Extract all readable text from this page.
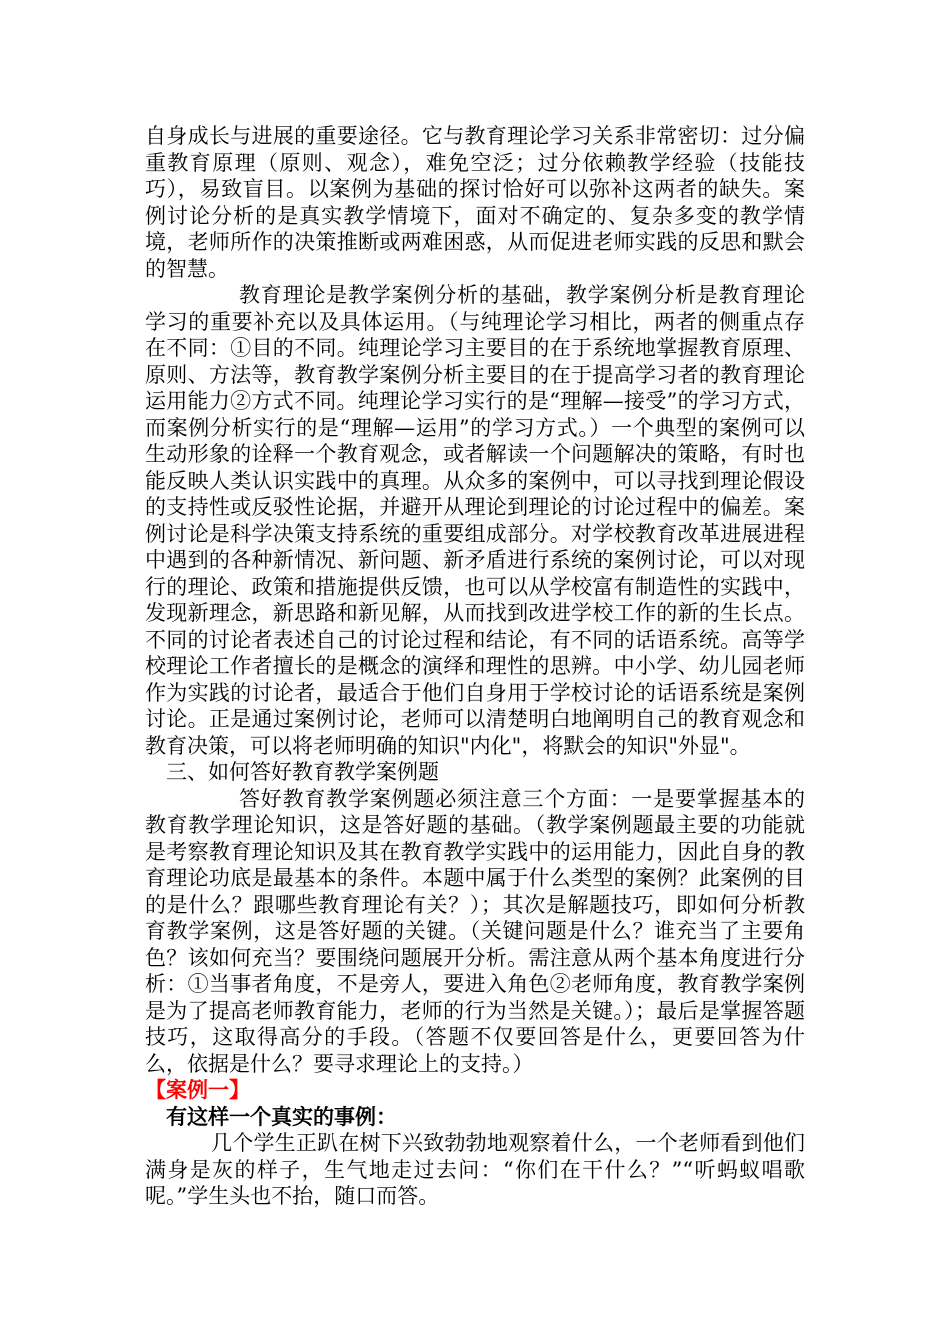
自身成长与进展的重要途径。它与教育理论学习关系非常密切：过分偏重教育原理（原则、观念），难免空泛；过分依赖教学经验（技能技巧），易致盲目。以案例为基础的探讨恰好可以弥补这两者的缺失。案例讨论分析的是真实教学情境下，面对不确定的、复杂多变的教学情境，老师所作的决策推断或两难困惑，从而促进老师实践的反思和默会的智慧。

教育理论是教学案例分析的基础，教学案例分析是教育理论学习的重要补充以及具体运用。（与纯理论学习相比，两者的侧重点存在不同：①目的不同。纯理论学习主要目的在于系统地掌握教育原理、原则、方法等，教育教学案例分析主要目的在于提高学习者的教育理论运用能力②方式不同。纯理论学习实行的是“理解—接受”的学习方式，而案例分析实行的是“理解—运用”的学习方式。）一个典型的案例可以生动形象的诠释一个教育观念，或者解读一个问题解决的策略，有时也能反映人类认识实践中的真理。从众多的案例中，可以寻找到理论假设的支持性或反驳性论据，并避开从理论到理论的讨论过程中的偏差。案例讨论是科学决策支持系统的重要组成部分。对学校教育改革进展进程中遇到的各种新情况、新问题、新矛盾进行系统的案例讨论，可以对现行的理论、政策和措施提供反馈，也可以从学校富有制造性的实践中，发现新理念，新思路和新见解，从而找到改进学校工作的新的生长点。不同的讨论者表述自己的讨论过程和结论，有不同的话语系统。高等学校理论工作者擅长的是概念的演绎和理性的思辨。中小学、幼儿园老师作为实践的讨论者，最适合于他们自身用于学校讨论的话语系统是案例讨论。正是通过案例讨论，老师可以清楚明白地阐明自己的教育观念和教育决策，可以将老师明确的知识"内化"，将默会的知识"外显"。

三、如何答好教育教学案例题

答好教育教学案例题必须注意三个方面：一是要掌握基本的教育教学理论知识，这是答好题的基础。（教学案例题最主要的功能就是考察教育理论知识及其在教育教学实践中的运用能力，因此自身的教育理论功底是最基本的条件。本题中属于什么类型的案例？此案例的目的是什么？跟哪些教育理论有关？）；其次是解题技巧，即如何分析教育教学案例，这是答好题的关键。（关键问题是什么？谁充当了主要角色？该如何充当？要围绕问题展开分析。需注意从两个基本角度进行分析：①当事者角度，不是旁人，要进入角色②老师角度，教育教学案例是为了提高老师教育能力，老师的行为当然是关键。）；最后是掌握答题技巧，这取得高分的手段。（答题不仅要回答是什么，更要回答为什么，依据是什么？要寻求理论上的支持。）

【案例一】

有这样一个真实的事例：

几个学生正趴在树下兴致勃勃地观察着什么，一个老师看到他们满身是灰的样子，生气地走过去问：“你们在干什么？”“听蚂蚁唱歌呢。”学生头也不抬，随口而答。
